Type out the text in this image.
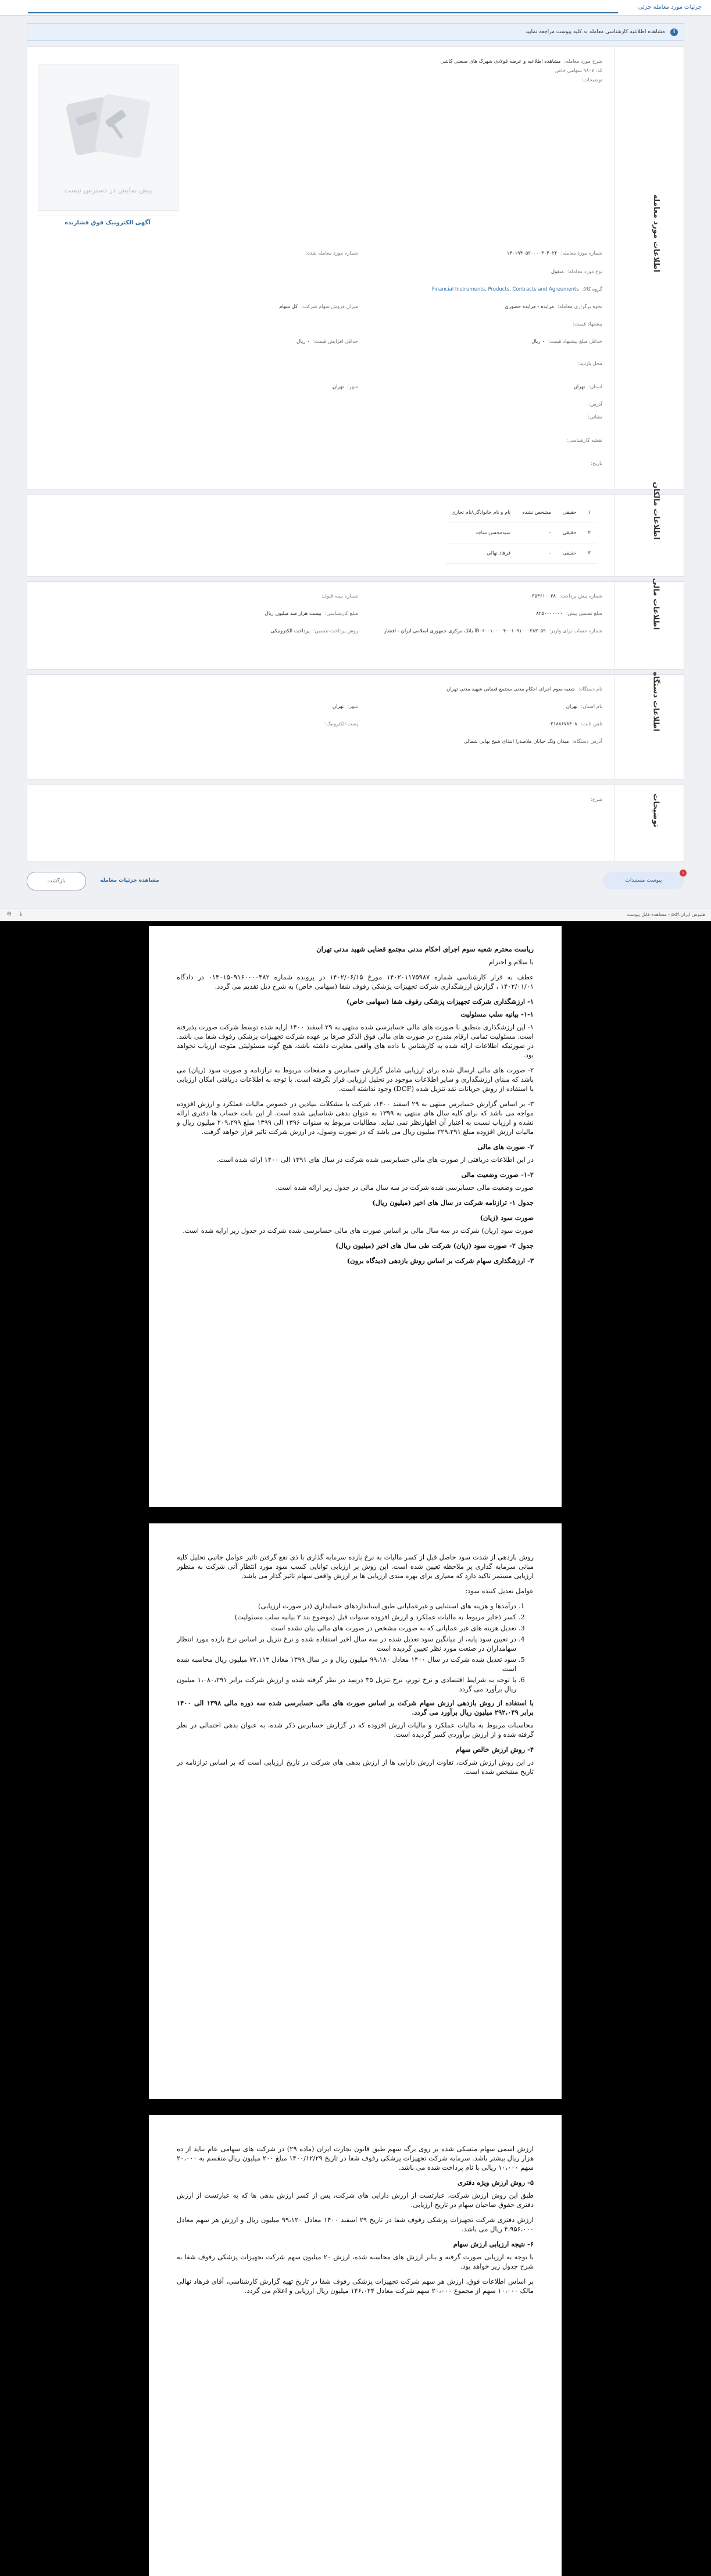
جزئیات مورد معامله جزئی
i
مشاهده اطلاعیه کارشناسی معامله به کلیه پیوست مراجعه نمایید
اطلاعات مورد معامله
شرح مورد معامله:مشاهده اطلاعیه و عرضه فولادی شهرک های صنعتی کاشی
کد: ۹۸۰۷ سهامی خاص
توضیحات:
پیش نمایش در دسترس نیست
آگهی الکترونیک فوق فشارنده
شماره مورد معامله:۱۴۰۱۹۴۰۵۲۰۰۰۰۴۰۴۰۲۲
نوع مورد معامله:منقول
گروه کالا:Financial Instruments, Products, Contracts and Agreements
نحوه برگزاری معامله:مزایده - مزایده حضوری
پیشنهاد قیمت:
حداقل مبلغ پیشنهاد قیمت:۰ ریال
محل بازدید:
استان:تهران
آدرس:
نشانی:
نقشه کارشناسی:
تاریخ:
شماره مورد معامله شده:
میزان فروش سهام شرکت:کل سهام
حداقل افزایش قیمت:۰ ریال
شهر:تهران
اطلاعات مالکان
۱	حقیقی	مشخص نشده	نام و نام خانوادگی/نام تجاری
۲	حقیقی	-	سیدمحسن ساجد
۳	حقیقی	-	فرهاد نهالی
اطلاعات مالی
شماره پیش پرداخت:۰۳۵۴۶۱۰۰۳۸
مبلغ تضمین پیش:۸۲۵۰۰۰۰۰۰۰
شماره حساب برای واریز:IR۰۶۰۰۱۰۰۰۰۴۰۰۱۰۹۱۰۰۰۲۸۳۰۵۹ بانک مرکزی جمهوری اسلامی ایران - افشار
شماره بیمه قبول:
مبلغ کارشناسی:بیست هزار صد میلیون ریال
روش پرداخت تضمین:پرداخت الکترونیکی
اطلاعات دستگاه
نام دستگاه:شعبه سوم اجرای احکام مدنی مجتمع قضایی شهید مدنی تهران
نام استان:تهران
شهر:تهران
تلفن ثابت:۰۲۱۸۸۶۷۸۴۰۸
پست الکترونیک:
آدرس دستگاه:میدان ونک خیابان ملاصدرا ابتدای شیخ بهایی شمالی
توضیحات
شرح:
۱
پیوست مستندات
مشاهده جزئیات معامله
بازگشت
هلیوس ایران.pdf - مشاهده فایل پیوست
⊕	⤓
ریاست محترم شعبه سوم اجرای احکام مدنی مجتمع قضایی شهید مدنی تهران

با سلام و احترام

عطف به قرار کارشناسی شماره ۱۴۰۲۰۱۱۷۵۹۸۷ مورخ ۱۴۰۲/۰۶/۱۵ در پرونده شماره ۰۱۴۰۱۵۰۹۱۶۰۰۰۰۴۸۲ در دادگاه ۱۴۰۲/۰۱/۰۱ ، گزارش ارزشگذاری شرکت تجهیزات پزشکی رفوف شفا (سهامی خاص) به شرح ذیل تقدیم می گردد.

۱- ارزشگذاری شرکت تجهیزات پزشکی رفوف شفا (سهامی خاص)
۱-۱- بیانیه سلب مسئولیت

۱- این ارزشگذاری منطبق با صورت های مالی حسابرسی شده منتهی به ۲۹ اسفند ۱۴۰۰ ارایه شده توسط شرکت صورت پذیرفته است. مسئولیت تمامی ارقام مندرج در صورت های مالی فوق الذکر صرفا بر عهده شرکت تجهیزات پزشکی رفوف شفا می باشد. در صورتیکه اطلاعات ارائه شده به کارشناس با داده های واقعی مغایرت داشته باشد، هیچ گونه مسئولیتی متوجه ارزیاب نخواهد بود.

۲- صورت های مالی ارسال شده برای ارزیابی شامل گزارش حسابرس و صفحات مربوط به ترازنامه و صورت سود (زیان) می باشد که مبنای ارزشگذاری و سایر اطلاعات موجود در تحلیل ارزیابی قرار نگرفته است. با توجه به اطلاعات دریافتی امکان ارزیابی با استفاده از روش جریانات نقد تنزیل شده (DCF) وجود نداشته است.

۳- بر اساس گزارش حسابرس منتهی به ۲۹ اسفند ۱۴۰۰، شرکت با مشکلات بنیادین در خصوص مالیات عملکرد و ارزش افزوده مواجه می باشد که برای کلیه سال های منتهی به ۱۳۹۹ به عنوان بدهی شناسایی شده است. از این بابت حساب ها دفتری ارائه نشده و ارزیاب نسبت به اعتبار آن اظهارنظر نمی نماید. مطالبات مربوط به سنوات ۱۳۹۶ الی ۱۳۹۹ مبلغ ۲۰۹،۲۹۹ میلیون ریال و مالیات ارزش افزوده مبلغ ۲۲۹،۲۹۱ میلیون ریال می باشد که در صورت وصول، در ارزش شرکت تاثیر قرار خواهد گرفت.

۲- صورت های مالی

در این اطلاعات دریافتی از صورت های مالی حسابرسی شده شرکت در سال های ۱۳۹۱ الی ۱۴۰۰ ارائه شده است.

۱-۲- صورت وضعیت مالی

صورت وضعیت مالی حسابرسی شده شرکت در سه سال مالی در جدول زیر ارائه شده است.

جدول ۱- ترازنامه شرکت در سال های اخیر (میلیون ریال)
صورت سود (زیان)

صورت سود (زیان) شرکت در سه سال مالی بر اساس صورت های مالی حسابرسی شده شرکت در جدول زیر ارایه شده است.

جدول ۲- صورت سود (زیان) شرکت طی سال های اخیر (میلیون ریال)
۳- ارزشگذاری سهام شرکت بر اساس روش بازدهی (دیدگاه برون)

روش بازدهی از شدت سود حاصل قبل از کسر مالیات به نرخ بازده سرمایه گذاری با ذی نفع گرفتن تاثیر عوامل جانبی تحلیل کلیه مبانی سرمایه گذاری پر ملاحظه تعیین شده است. این روش بر ارزیابی توانایی کسب سود مورد انتظار آتی شرکت به منظور ارزیابی مستمر تاکید دارد که معیاری برای بهره مندی ارزیابی ها بر ارزش واقعی سهام تاثیر گذار می باشد.

عوامل تعدیل کننده سود:

1. درآمدها و هزینه های استثنایی و غیرعملیاتی طبق استانداردهای حسابداری (در صورت ارزیابی)
2. کسر ذخایر مربوط به مالیات عملکرد و ارزش افزوده سنوات قبل (موضوع بند ۳ بیانیه سلب مسئولیت)
3. تعدیل هزینه های غیر عملیاتی که به صورت مشخص در صورت های مالی بیان نشده است
4. در تعیین سود پایه، از میانگین سود تعدیل شده در سه سال اخیر استفاده شده و نرخ تنزیل بر اساس نرخ بازده مورد انتظار سهامداران در صنعت مورد نظر تعیین گردیده است
5. سود تعدیل شده شرکت در سال ۱۴۰۰ معادل ۹۹،۱۸۰ میلیون ریال و در سال ۱۳۹۹ معادل ۷۲،۱۱۳ میلیون ریال محاسبه شده است
6. با توجه به شرایط اقتصادی و نرخ تورم، نرخ تنزیل ۳۵ درصد در نظر گرفته شده و ارزش شرکت برابر ۱،۰۸۰،۲۹۱ میلیون ریال برآورد می گردد
با استفاده از روش بازدهی ارزش سهام شرکت بر اساس صورت های مالی حسابرسی شده سه دوره مالی ۱۳۹۸ الی ۱۴۰۰ برابر ۲۹۲،۰۴۹ میلیون ریال برآورد می گردد.

محاسبات مربوط به مالیات عملکرد و مالیات ارزش افزوده که در گزارش حسابرس ذکر شده، به عنوان بدهی احتمالی در نظر گرفته شده و از ارزش برآوردی کسر گردیده است.

۴- روش ارزش خالص سهام

در این روش ارزش شرکت، تفاوت ارزش دارایی ها از ارزش بدهی های شرکت در تاریخ ارزیابی است که بر اساس ترازنامه در تاریخ مشخص شده است.

ارزش اسمی سهام متسکی شده بر روی برگه سهم طبق قانون تجارت ایران (ماده ۲۹) در شرکت های سهامی عام نباید از ده هزار ریال بیشتر باشد. سرمایه شرکت تجهیزات پزشکی رفوف شفا در تاریخ ۱۴۰۰/۱۲/۲۹ مبلغ ۲۰۰ میلیون ریال منقسم به ۲۰،۰۰۰ سهم ۱۰،۰۰۰ ریالی با نام پرداخت شده می باشد.

۵- روش ارزش ویژه دفتری

طبق این روش ارزش شرکت، عبارتست از ارزش دارایی های شرکت، پس از کسر ارزش بدهی ها که به عبارتست از ارزش دفتری حقوق صاحبان سهام در تاریخ ارزیابی.

ارزش دفتری شرکت تجهیزات پزشکی رفوف شفا در تاریخ ۲۹ اسفند ۱۴۰۰ معادل ۹۹،۱۲۰ میلیون ریال و ارزش هر سهم معادل ۴،۹۵۶،۰۰۰ ریال می باشد.

۶- نتیجه ارزیابی ارزش سهام

با توجه به ارزیابی صورت گرفته و بنابر ارزش های محاسبه شده، ارزش ۲۰ میلیون سهم شرکت تجهیزات پزشکی رفوف شفا به شرح جدول زیر خواهد بود.

بر اساس اطلاعات فوق، ارزش هر سهم شرکت تجهیزات پزشکی رفوف شفا در تاریخ تهیه گزارش کارشناسی، آقای فرهاد نهالی مالک ۱۰،۰۰۰ سهم از مجموع ۲۰،۰۰۰ سهم شرکت معادل ۱۴۶،۰۲۴ میلیون ریال ارزیابی و اعلام می گردد.
